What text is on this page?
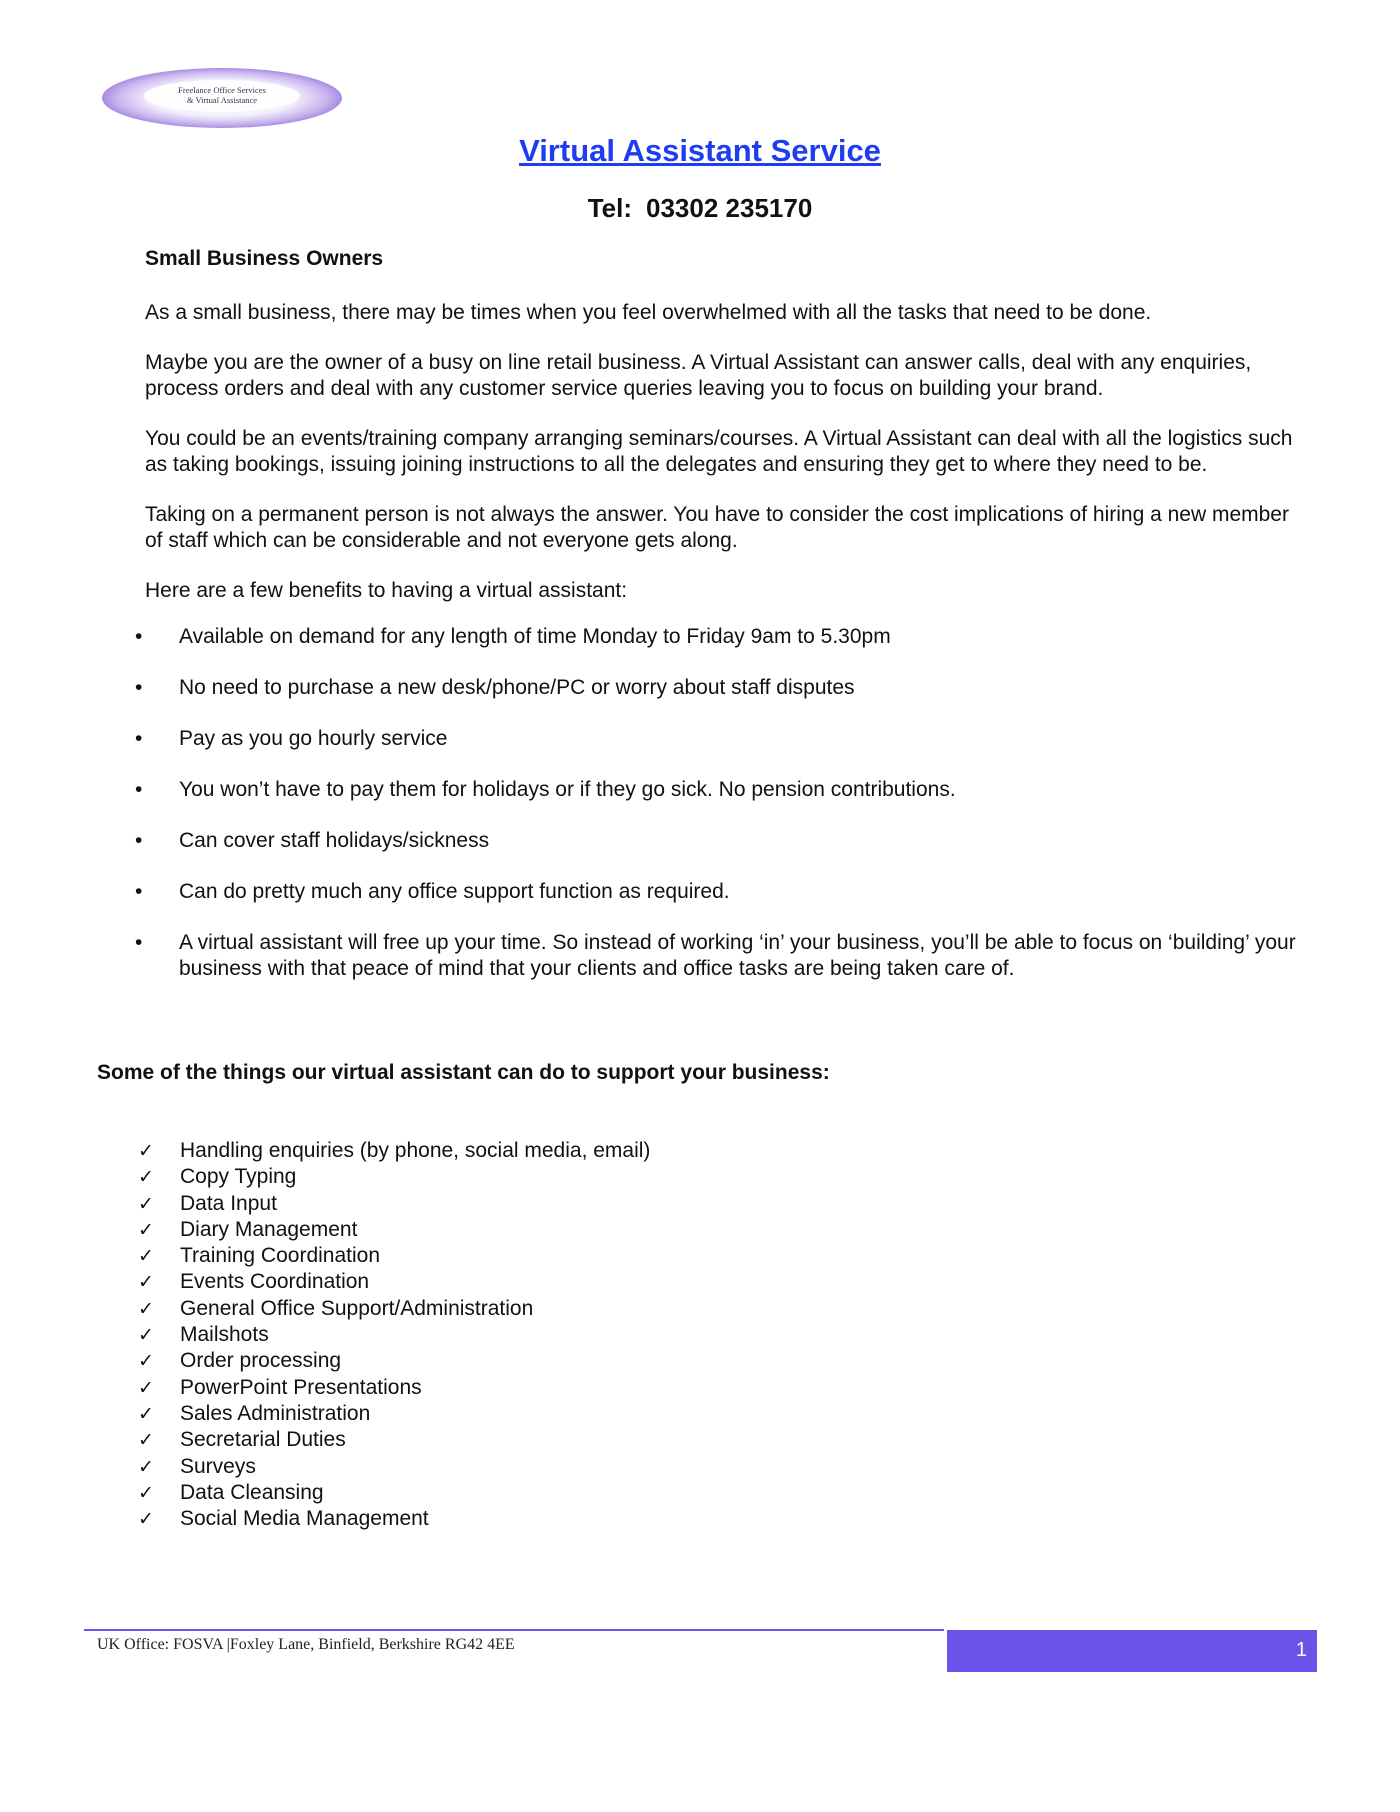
Freelance Office Services
& Virtual Assistance
Virtual Assistant Service
Tel: 03302 235170

Small Business Owners

As a small business, there may be times when you feel overwhelmed with all the tasks that need to be done.

Maybe you are the owner of a busy on line retail business. A Virtual Assistant can answer calls, deal with any enquiries, process orders and deal with any customer service queries leaving you to focus on building your brand.

You could be an events/training company arranging seminars/courses. A Virtual Assistant can deal with all the logistics such as taking bookings, issuing joining instructions to all the delegates and ensuring they get to where they need to be.

Taking on a permanent person is not always the answer. You have to consider the cost implications of hiring a new member of staff which can be considerable and not everyone gets along.

Here are a few benefits to having a virtual assistant:

• Available on demand for any length of time Monday to Friday 9am to 5.30pm
• No need to purchase a new desk/phone/PC or worry about staff disputes
• Pay as you go hourly service
• You won’t have to pay them for holidays or if they go sick. No pension contributions.
• Can cover staff holidays/sickness
• Can do pretty much any office support function as required.
• A virtual assistant will free up your time. So instead of working ‘in’ your business, you’ll be able to focus on ‘building’ your business with that peace of mind that your clients and office tasks are being taken care of.
Some of the things our virtual assistant can do to support your business:
✓ Handling enquiries (by phone, social media, email)
✓ Copy Typing
✓ Data Input
✓ Diary Management
✓ Training Coordination
✓ Events Coordination
✓ General Office Support/Administration
✓ Mailshots
✓ Order processing
✓ PowerPoint Presentations
✓ Sales Administration
✓ Secretarial Duties
✓ Surveys
✓ Data Cleansing
✓ Social Media Management
UK Office: FOSVA |Foxley Lane, Binfield, Berkshire RG42 4EE	1
